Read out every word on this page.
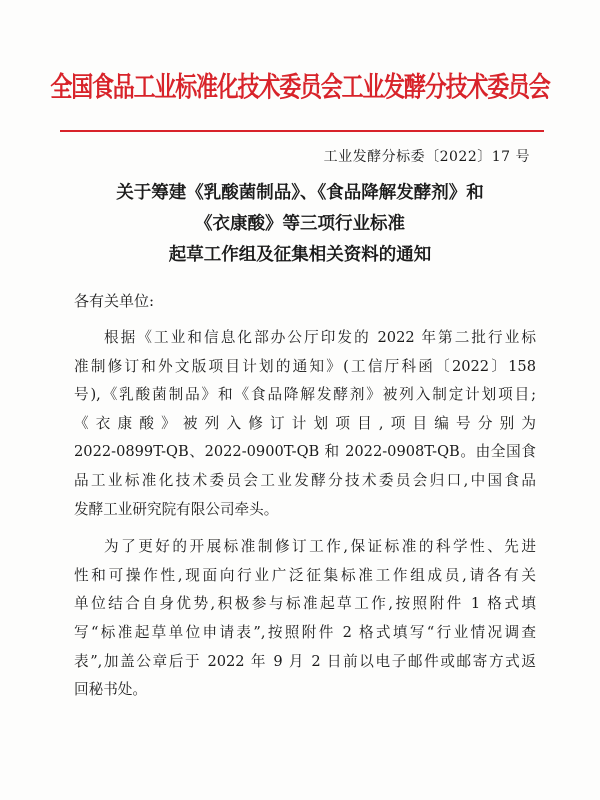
全国食品工业标准化技术委员会工业发酵分技术委员会
工业发酵分标委〔2022〕17 号
关于筹建《乳酸菌制品》、《食品降解发酵剂》和
《衣康酸》等三项行业标准
起草工作组及征集相关资料的通知
各有关单位:
根据《工业和信息化部办公厅印发的 2022 年第二批行业标
准制修订和外文版项目计划的通知》(工信厅科函〔2022〕158
号),《乳酸菌制品》和《食品降解发酵剂》被列入制定计划项目;
《衣康酸》被列入修订计划项目,项目编号分别为
2022-0899T-QB、2022-0900T-QB 和 2022-0908T-QB。由全国食
品工业标准化技术委员会工业发酵分技术委员会归口,中国食品
发酵工业研究院有限公司牵头。
为了更好的开展标准制修订工作,保证标准的科学性、先进
性和可操作性,现面向行业广泛征集标准工作组成员,请各有关
单位结合自身优势,积极参与标准起草工作,按照附件 1 格式填
写“标准起草单位申请表”,按照附件 2 格式填写“行业情况调查
表”,加盖公章后于 2022 年 9 月 2 日前以电子邮件或邮寄方式返
回秘书处。
